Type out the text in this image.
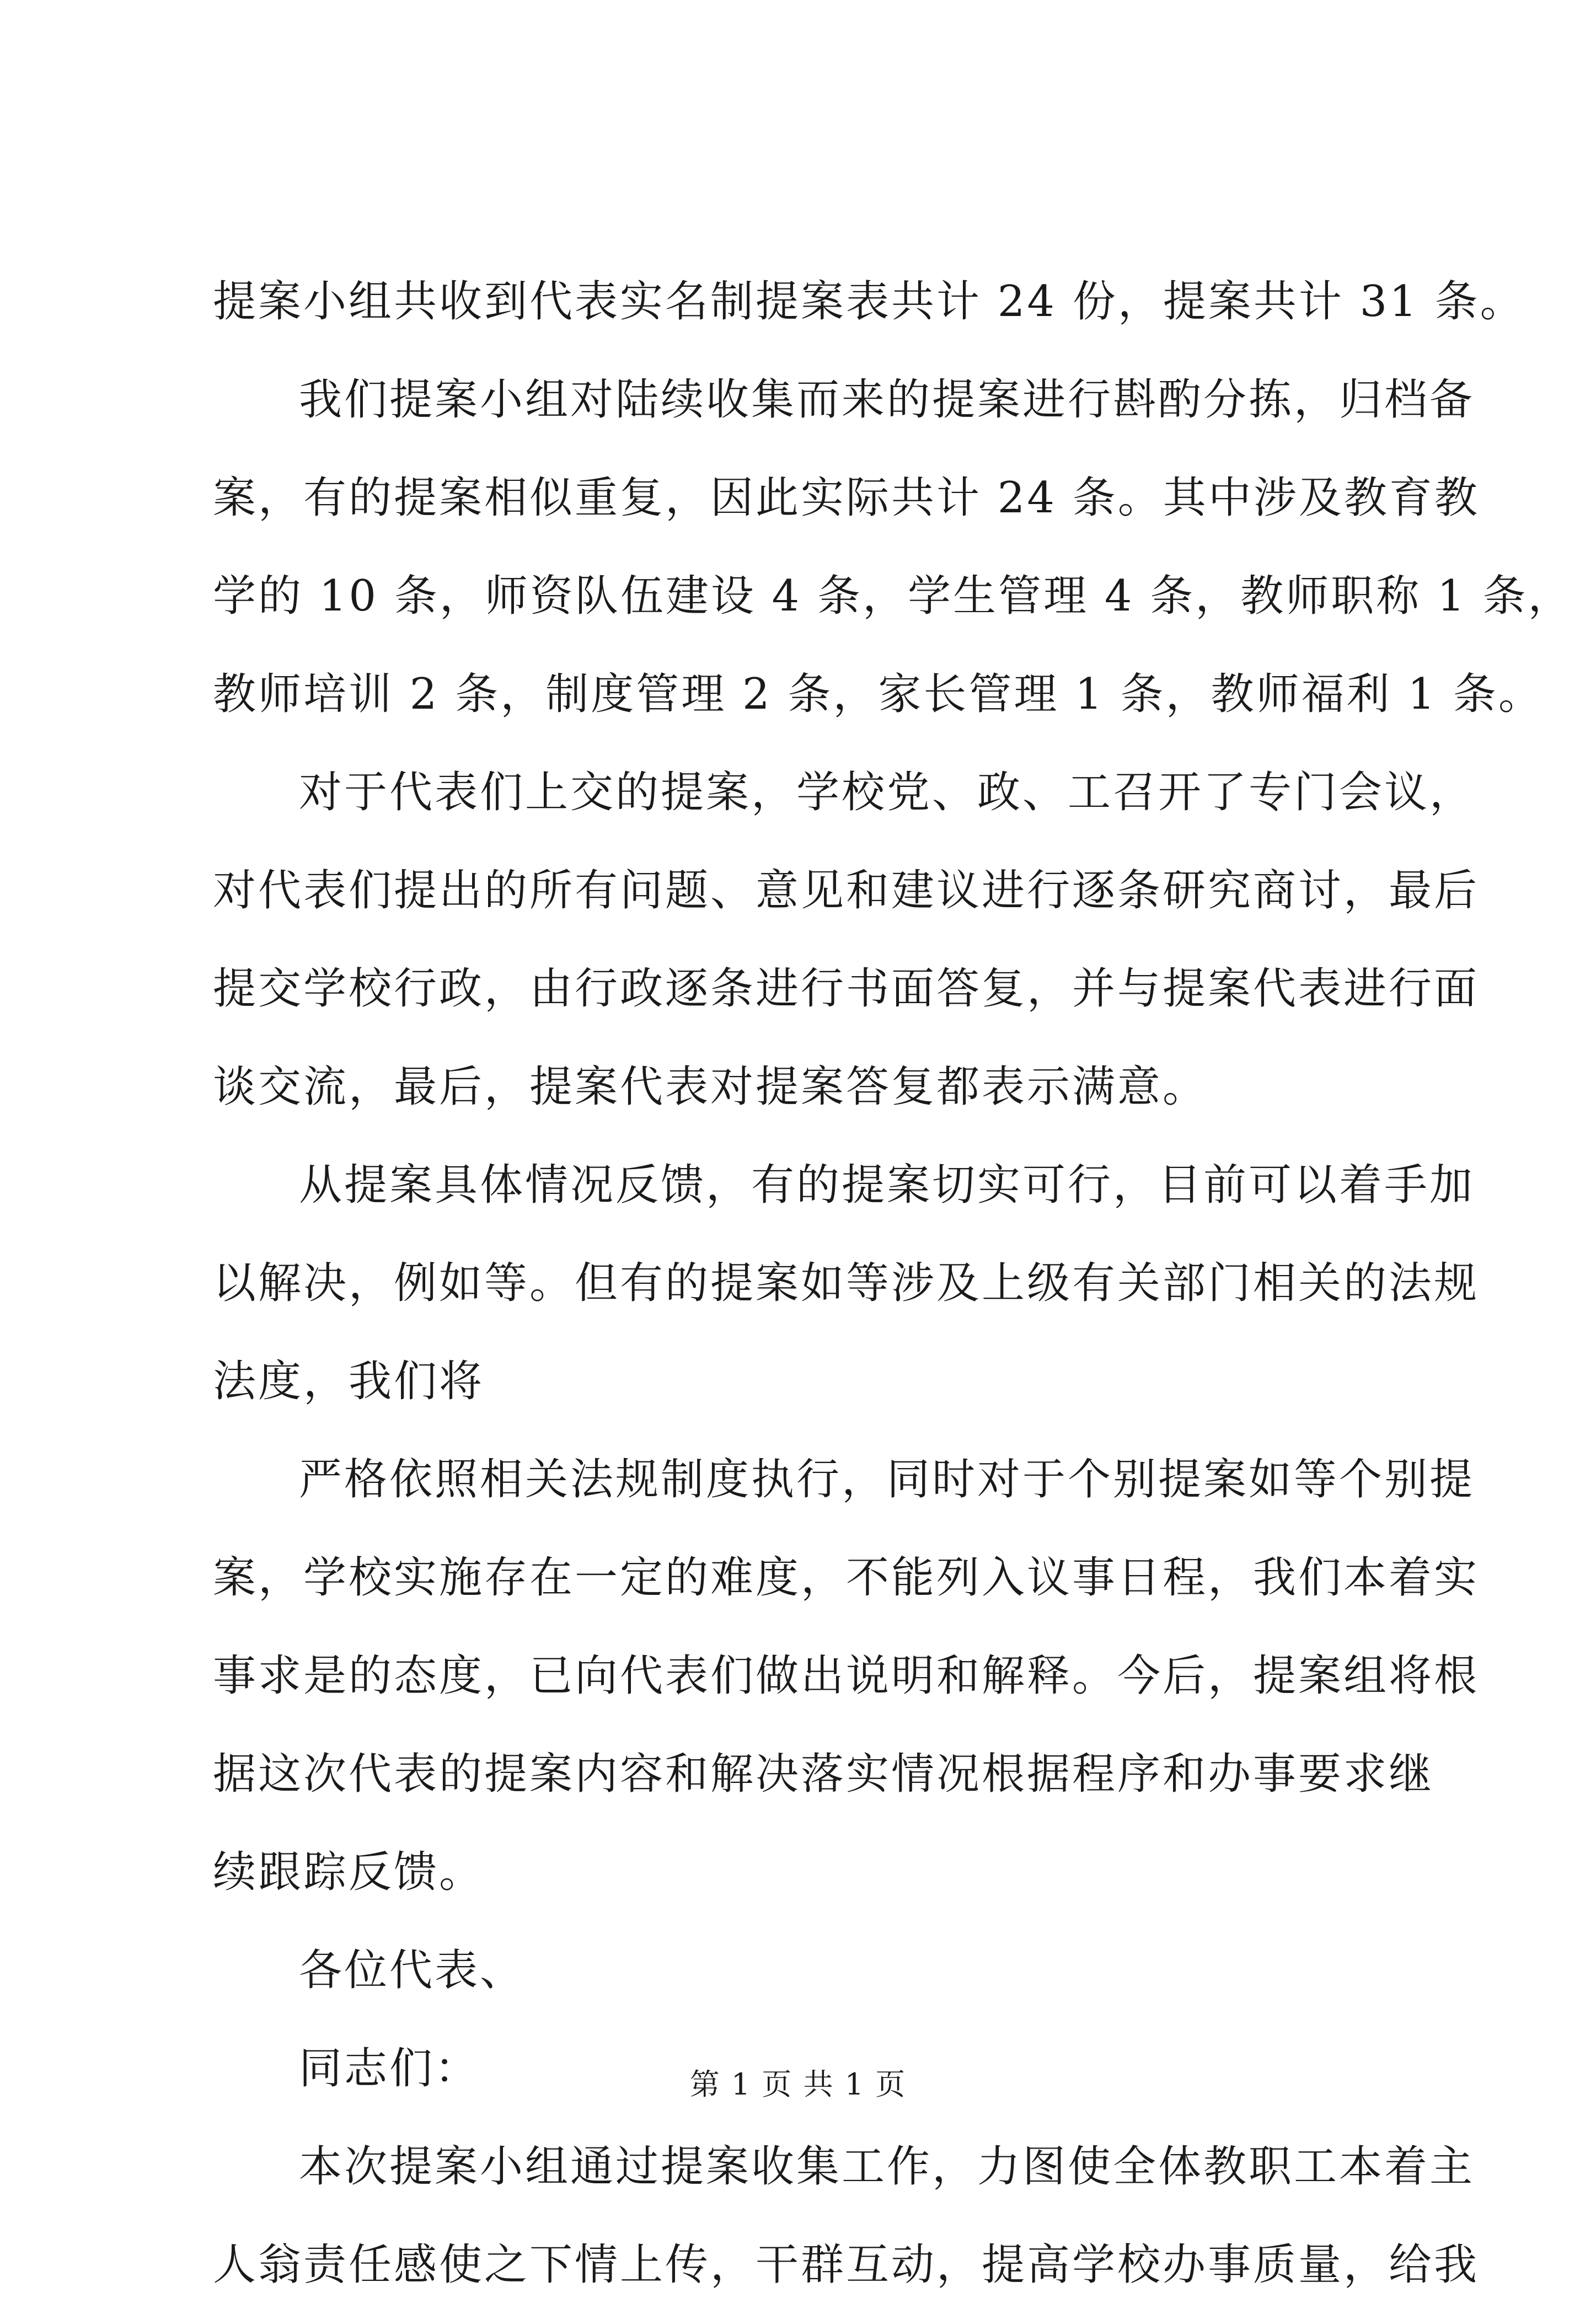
提案小组共收到代表实名制提案表共计 24 份，提案共计 31 条。
我们提案小组对陆续收集而来的提案进行斟酌分拣，归档备
案，有的提案相似重复，因此实际共计 24 条。其中涉及教育教
学的 10 条，师资队伍建设 4 条，学生管理 4 条，教师职称 1 条，
教师培训 2 条，制度管理 2 条，家长管理 1 条，教师福利 1 条。
对于代表们上交的提案，学校党、政、工召开了专门会议，
对代表们提出的所有问题、意见和建议进行逐条研究商讨，最后
提交学校行政，由行政逐条进行书面答复，并与提案代表进行面
谈交流，最后，提案代表对提案答复都表示满意。
从提案具体情况反馈，有的提案切实可行，目前可以着手加
以解决，例如等。但有的提案如等涉及上级有关部门相关的法规
法度，我们将
严格依照相关法规制度执行，同时对于个别提案如等个别提
案，学校实施存在一定的难度，不能列入议事日程，我们本着实
事求是的态度，已向代表们做出说明和解释。今后，提案组将根
据这次代表的提案内容和解决落实情况根据程序和办事要求继
续跟踪反馈。
各位代表、
同志们：
本次提案小组通过提案收集工作，力图使全体教职工本着主
人翁责任感使之下情上传，干群互动，提高学校办事质量，给我
第 1 页 共 1 页
